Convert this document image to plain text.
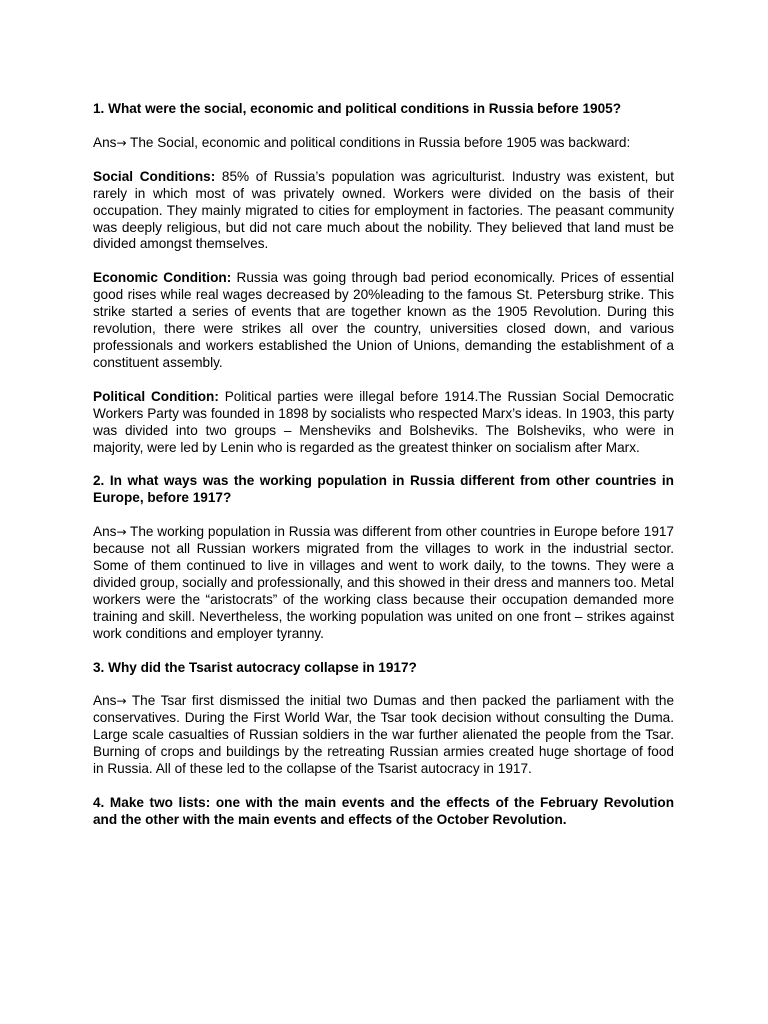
1. What were the social, economic and political conditions in Russia before 1905?

Ans→ The Social, economic and political conditions in Russia before 1905 was backward:

Social Conditions: 85% of Russia’s population was agriculturist. Industry was existent, but rarely in which most of was privately owned. Workers were divided on the basis of their occupation. They mainly migrated to cities for employment in factories. The peasant community was deeply religious, but did not care much about the nobility. They believed that land must be divided amongst themselves.

Economic Condition: Russia was going through bad period economically. Prices of essential good rises while real wages decreased by 20%leading to the famous St. Petersburg strike. This strike started a series of events that are together known as the 1905 Revolution. During this revolution, there were strikes all over the country, universities closed down, and various professionals and workers established the Union of Unions, demanding the establishment of a constituent assembly.

Political Condition: Political parties were illegal before 1914.The Russian Social Democratic Workers Party was founded in 1898 by socialists who respected Marx’s ideas. In 1903, this party was divided into two groups – Mensheviks and Bolsheviks. The Bolsheviks, who were in majority, were led by Lenin who is regarded as the greatest thinker on socialism after Marx.

2. In what ways was the working population in Russia different from other countries in Europe, before 1917?

Ans→ The working population in Russia was different from other countries in Europe before 1917 because not all Russian workers migrated from the villages to work in the industrial sector. Some of them continued to live in villages and went to work daily, to the towns. They were a divided group, socially and professionally, and this showed in their dress and manners too. Metal workers were the “aristocrats” of the working class because their occupation demanded more training and skill. Nevertheless, the working population was united on one front – strikes against work conditions and employer tyranny.

3. Why did the Tsarist autocracy collapse in 1917?

Ans→ The Tsar first dismissed the initial two Dumas and then packed the parliament with the conservatives. During the First World War, the Tsar took decision without consulting the Duma. Large scale casualties of Russian soldiers in the war further alienated the people from the Tsar. Burning of crops and buildings by the retreating Russian armies created huge shortage of food in Russia. All of these led to the collapse of the Tsarist autocracy in 1917.

4. Make two lists: one with the main events and the effects of the February Revolution and the other with the main events and effects of the October Revolution.
